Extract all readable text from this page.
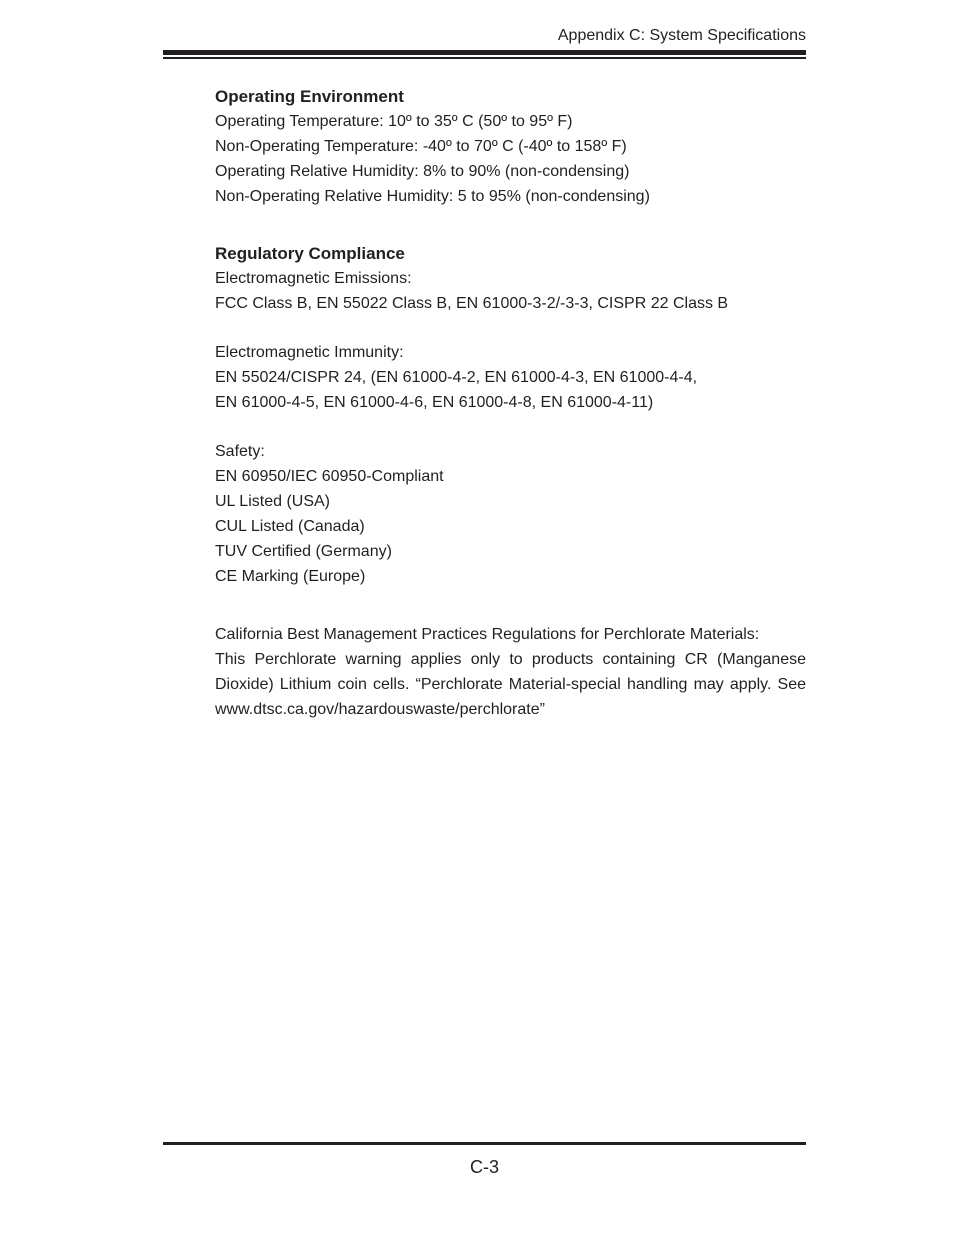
Appendix C: System Specifications

Operating Environment

Operating Temperature: 10º to 35º C (50º to 95º F)

Non-Operating Temperature: -40º to 70º C (-40º to 158º F)

Operating Relative Humidity: 8% to 90% (non-condensing)

Non-Operating Relative Humidity: 5 to 95% (non-condensing)

Regulatory Compliance

Electromagnetic Emissions:

FCC Class B, EN 55022 Class B, EN 61000-3-2/-3-3, CISPR 22 Class B

Electromagnetic Immunity:

EN 55024/CISPR 24, (EN 61000-4-2, EN 61000-4-3, EN 61000-4-4,

EN 61000-4-5, EN 61000-4-6, EN 61000-4-8, EN 61000-4-11)

Safety:

EN 60950/IEC 60950-Compliant

UL Listed (USA)

CUL Listed (Canada)

TUV Certified (Germany)

CE Marking (Europe)

California Best Management Practices Regulations for Perchlorate Materials:

This Perchlorate warning applies only to products containing CR (Manganese Dioxide) Lithium coin cells. “Perchlorate Material-special handling may apply. See www.dtsc.ca.gov/hazardouswaste/perchlorate”

C-3
